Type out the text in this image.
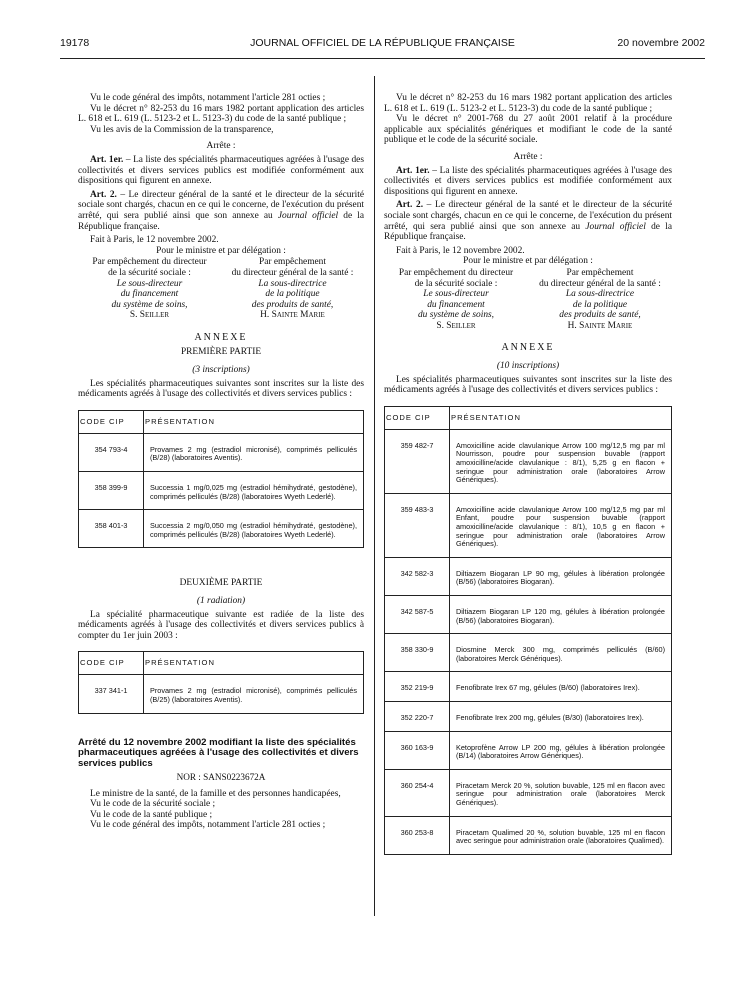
19178	JOURNAL OFFICIEL DE LA RÉPUBLIQUE FRANÇAISE	20 novembre 2002

Vu le code général des impôts, notamment l'article 281 octies ;

Vu le décret n° 82-253 du 16 mars 1982 portant application des articles L. 618 et L. 619 (L. 5123-2 et L. 5123-3) du code de la santé publique ;

Vu les avis de la Commission de la transparence,

Arrête :

Art. 1er. – La liste des spécialités pharmaceutiques agréées à l'usage des collectivités et divers services publics est modifiée conformément aux dispositions qui figurent en annexe.

Art. 2. – Le directeur général de la santé et le directeur de la sécurité sociale sont chargés, chacun en ce qui le concerne, de l'exécution du présent arrêté, qui sera publié ainsi que son annexe au Journal officiel de la République française.

Fait à Paris, le 12 novembre 2002.

Pour le ministre et par délégation :

Par empêchement du directeur
de la sécurité sociale :
Le sous-directeur
du financement
du système de soins,
S. Seiller
Par empêchement
du directeur général de la santé :
La sous-directrice
de la politique
des produits de santé,
H. Sainte Marie

ANNEXE

PREMIÈRE PARTIE

(3 inscriptions)

Les spécialités pharmaceutiques suivantes sont inscrites sur la liste des médicaments agréés à l'usage des collectivités et divers services publics :

CODE CIP	PRÉSENTATION
354 793-4	Provames 2 mg (estradiol micronisé), comprimés pelliculés (B/28) (laboratoires Aventis).
358 399-9	Successia 1 mg/0,025 mg (estradiol hémihydraté, gestodène), comprimés pelliculés (B/28) (laboratoires Wyeth Lederlé).
358 401-3	Successia 2 mg/0,050 mg (estradiol hémihydraté, gestodène), comprimés pelliculés (B/28) (laboratoires Wyeth Lederlé).

DEUXIÈME PARTIE

(1 radiation)

La spécialité pharmaceutique suivante est radiée de la liste des médicaments agréés à l'usage des collectivités et divers services publics à compter du 1er juin 2003 :

CODE CIP	PRÉSENTATION
337 341-1	Provames 2 mg (estradiol micronisé), comprimés pelliculés (B/25) (laboratoires Aventis).

Arrêté du 12 novembre 2002 modifiant la liste des spécialités pharmaceutiques agréées à l'usage des collectivités et divers services publics

NOR : SANS0223672A

Le ministre de la santé, de la famille et des personnes handicapées,

Vu le code de la sécurité sociale ;

Vu le code de la santé publique ;

Vu le code général des impôts, notamment l'article 281 octies ;

Vu le décret n° 82-253 du 16 mars 1982 portant application des articles L. 618 et L. 619 (L. 5123-2 et L. 5123-3) du code de la santé publique ;

Vu le décret n° 2001-768 du 27 août 2001 relatif à la procédure applicable aux spécialités génériques et modifiant le code de la santé publique et le code de la sécurité sociale.

Arrête :

Art. 1er. – La liste des spécialités pharmaceutiques agréées à l'usage des collectivités et divers services publics est modifiée conformément aux dispositions qui figurent en annexe.

Art. 2. – Le directeur général de la santé et le directeur de la sécurité sociale sont chargés, chacun en ce qui le concerne, de l'exécution du présent arrêté, qui sera publié ainsi que son annexe au Journal officiel de la République française.

Fait à Paris, le 12 novembre 2002.

Pour le ministre et par délégation :

Par empêchement du directeur
de la sécurité sociale :
Le sous-directeur
du financement
du système de soins,
S. Seiller
Par empêchement
du directeur général de la santé :
La sous-directrice
de la politique
des produits de santé,
H. Sainte Marie

ANNEXE

(10 inscriptions)

Les spécialités pharmaceutiques suivantes sont inscrites sur la liste des médicaments agréés à l'usage des collectivités et divers services publics :

CODE CIP	PRÉSENTATION
359 482-7	Amoxicilline acide clavulanique Arrow 100 mg/12,5 mg par ml Nourrisson, poudre pour suspension buvable (rapport amoxicilline/acide clavulanique : 8/1), 5,25 g en flacon + seringue pour administration orale (laboratoires Arrow Génériques).
359 483-3	Amoxicilline acide clavulanique Arrow 100 mg/12,5 mg par ml Enfant, poudre pour suspension buvable (rapport amoxicilline/acide clavulanique : 8/1), 10,5 g en flacon + seringue pour administration orale (laboratoires Arrow Génériques).
342 582-3	Diltiazem Biogaran LP 90 mg, gélules à libération prolongée (B/56) (laboratoires Biogaran).
342 587-5	Diltiazem Biogaran LP 120 mg, gélules à libération prolongée (B/56) (laboratoires Biogaran).
358 330-9	Diosmine Merck 300 mg, comprimés pelliculés (B/60) (laboratoires Merck Génériques).
352 219-9	Fenofibrate Irex 67 mg, gélules (B/60) (laboratoires Irex).
352 220-7	Fenofibrate Irex 200 mg, gélules (B/30) (laboratoires Irex).
360 163-9	Ketoprofène Arrow LP 200 mg, gélules à libération prolongée (B/14) (laboratoires Arrow Génériques).
360 254-4	Piracetam Merck 20 %, solution buvable, 125 ml en flacon avec seringue pour administration orale (laboratoires Merck Génériques).
360 253-8	Piracetam Qualimed 20 %, solution buvable, 125 ml en flacon avec seringue pour administration orale (laboratoires Qualimed).
